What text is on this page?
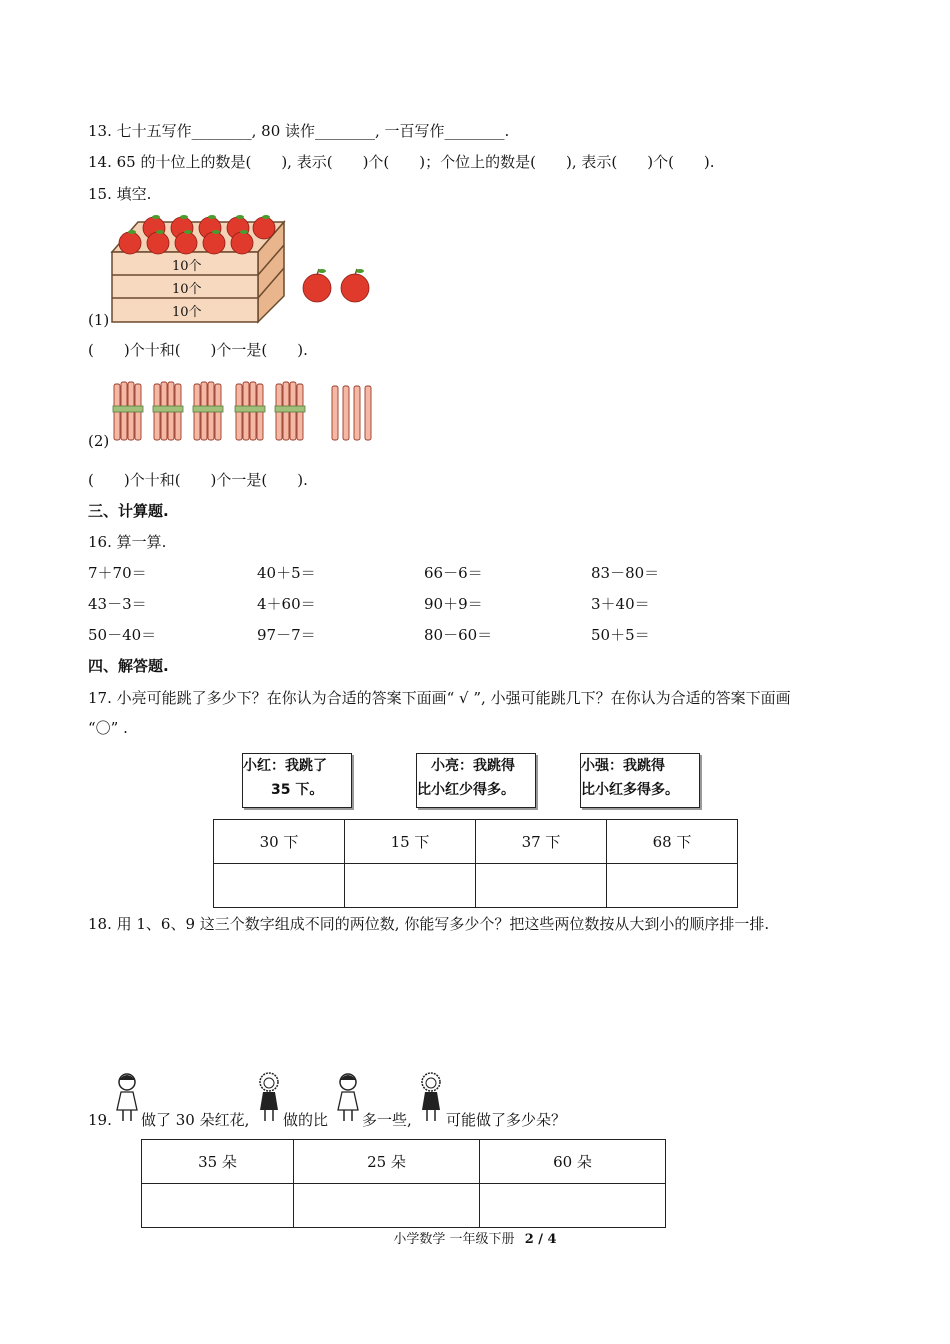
13. 七十五写作________, 80 读作________, 一百写作________.
14. 65 的十位上的数是(　　), 表示(　　)个(　　)；个位上的数是(　　), 表示(　　)个(　　).
15. 填空.
10个
10个
10个
(1)
(　　)个十和(　　)个一是(　　).
(2)
(　　)个十和(　　)个一是(　　).
三、计算题.
16. 算一算.
7＋70＝	40＋5＝	66－6＝	83－80＝
43－3＝	4＋60＝	90＋9＝	3＋40＝
50－40＝	97－7＝	80－60＝	50＋5＝
四、解答题.
17. 小亮可能跳了多少下？在你认为合适的答案下面画“ √ ”, 小强可能跳几下？在你认为合适的答案下面画
“〇” .
小红：我跳了
　　35 下。
　小亮：我跳得
比小红少得多。
小强：我跳得
比小红多得多。
30 下	15 下	37 下	68 下

18. 用 1、6、9 这三个数字组成不同的两位数, 你能写多少个？把这些两位数按从大到小的顺序排一排.
19. 做了 30 朵红花, 做的比 多一些, 可能做了多少朵？
35 朵	25 朵	60 朵

小学数学 一年级下册 2 / 4
